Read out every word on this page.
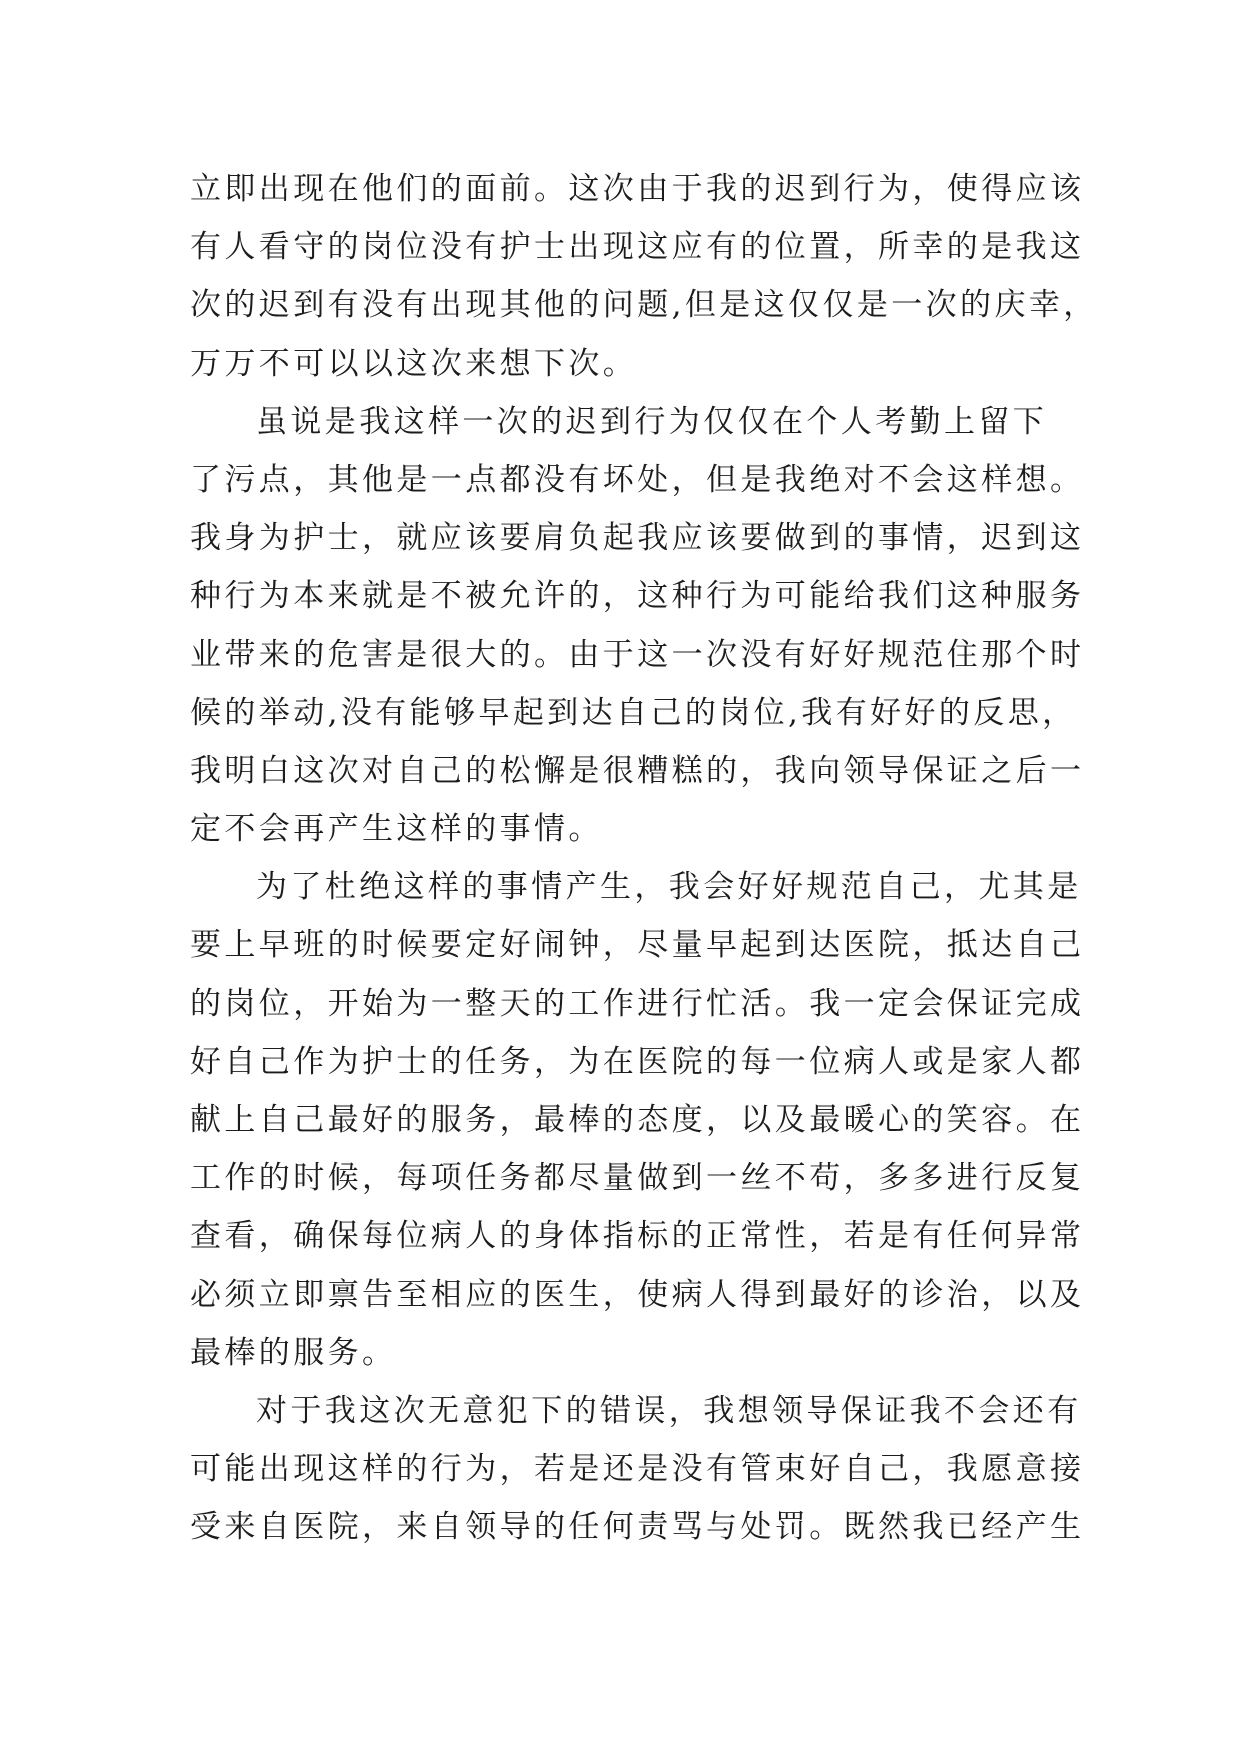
立即出现在他们的面前。这次由于我的迟到行为，使得应该
有人看守的岗位没有护士出现这应有的位置，所幸的是我这
次的迟到有没有出现其他的问题,但是这仅仅是一次的庆幸，
万万不可以以这次来想下次。
虽说是我这样一次的迟到行为仅仅在个人考勤上留下
了污点，其他是一点都没有坏处，但是我绝对不会这样想。
我身为护士，就应该要肩负起我应该要做到的事情，迟到这
种行为本来就是不被允许的，这种行为可能给我们这种服务
业带来的危害是很大的。由于这一次没有好好规范住那个时
候的举动,没有能够早起到达自己的岗位,我有好好的反思，
我明白这次对自己的松懈是很糟糕的，我向领导保证之后一
定不会再产生这样的事情。
为了杜绝这样的事情产生，我会好好规范自己，尤其是
要上早班的时候要定好闹钟，尽量早起到达医院，抵达自己
的岗位，开始为一整天的工作进行忙活。我一定会保证完成
好自己作为护士的任务，为在医院的每一位病人或是家人都
献上自己最好的服务，最棒的态度，以及最暖心的笑容。在
工作的时候，每项任务都尽量做到一丝不苟，多多进行反复
查看，确保每位病人的身体指标的正常性，若是有任何异常
必须立即禀告至相应的医生，使病人得到最好的诊治，以及
最棒的服务。
对于我这次无意犯下的错误，我想领导保证我不会还有
可能出现这样的行为，若是还是没有管束好自己，我愿意接
受来自医院，来自领导的任何责骂与处罚。既然我已经产生
